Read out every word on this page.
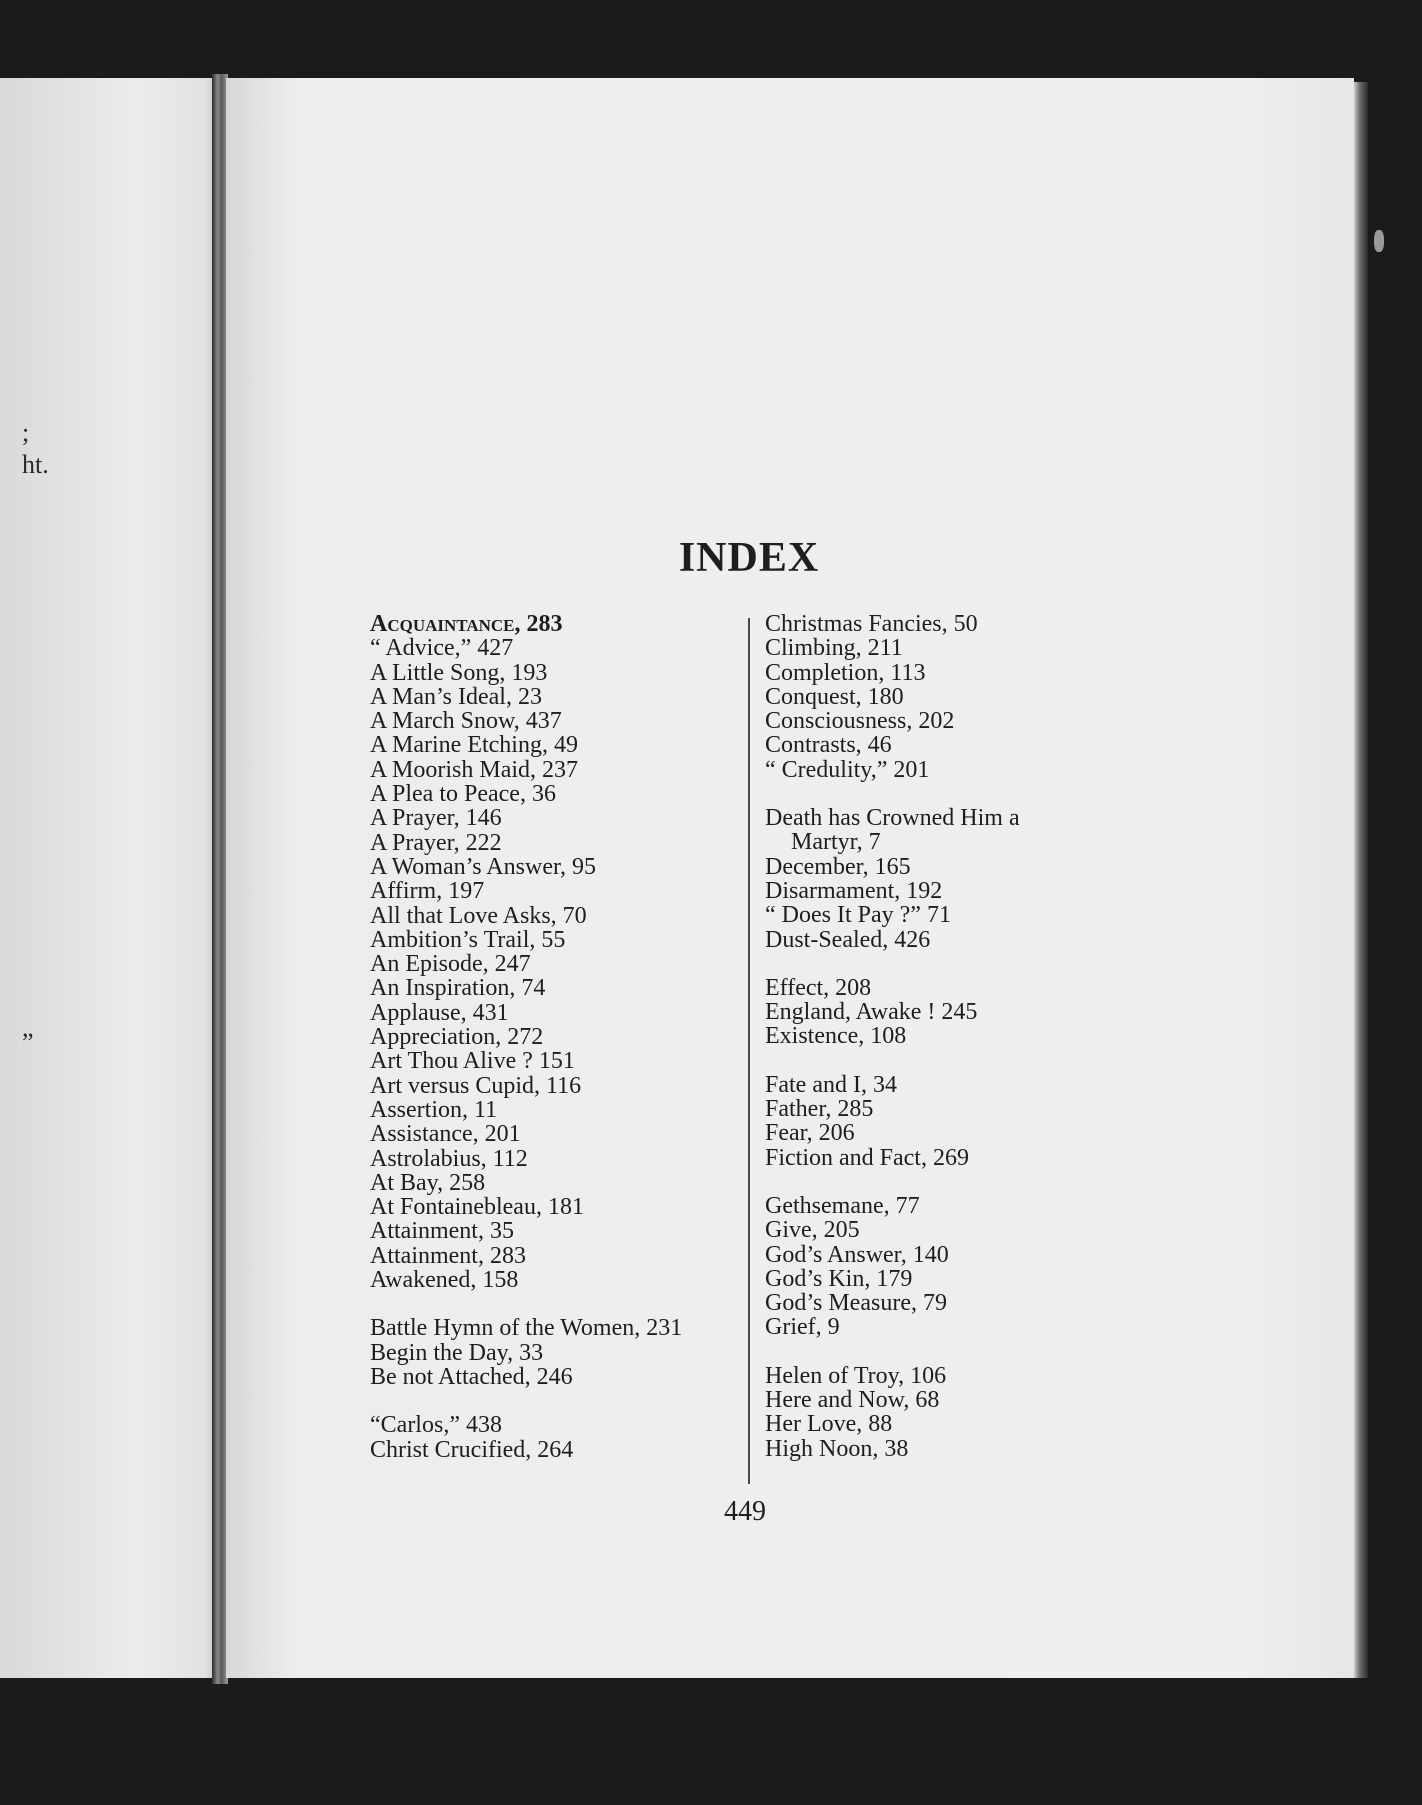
;
ht.
”
INDEX
Acquaintance, 283
“ Advice,” 427
A Little Song, 193
A Man’s Ideal, 23
A March Snow, 437
A Marine Etching, 49
A Moorish Maid, 237
A Plea to Peace, 36
A Prayer, 146
A Prayer, 222
A Woman’s Answer, 95
Affirm, 197
All that Love Asks, 70
Ambition’s Trail, 55
An Episode, 247
An Inspiration, 74
Applause, 431
Appreciation, 272
Art Thou Alive ? 151
Art versus Cupid, 116
Assertion, 11
Assistance, 201
Astrolabius, 112
At Bay, 258
At Fontainebleau, 181
Attainment, 35
Attainment, 283
Awakened, 158
Battle Hymn of the Women, 231
Begin the Day, 33
Be not Attached, 246
“Carlos,” 438
Christ Crucified, 264
Christmas Fancies, 50
Climbing, 211
Completion, 113
Conquest, 180
Consciousness, 202
Contrasts, 46
“ Credulity,” 201
Death has Crowned Him a
Martyr, 7
December, 165
Disarmament, 192
“ Does It Pay ?” 71
Dust-Sealed, 426
Effect, 208
England, Awake ! 245
Existence, 108
Fate and I, 34
Father, 285
Fear, 206
Fiction and Fact, 269
Gethsemane, 77
Give, 205
God’s Answer, 140
God’s Kin, 179
God’s Measure, 79
Grief, 9
Helen of Troy, 106
Here and Now, 68
Her Love, 88
High Noon, 38
449
